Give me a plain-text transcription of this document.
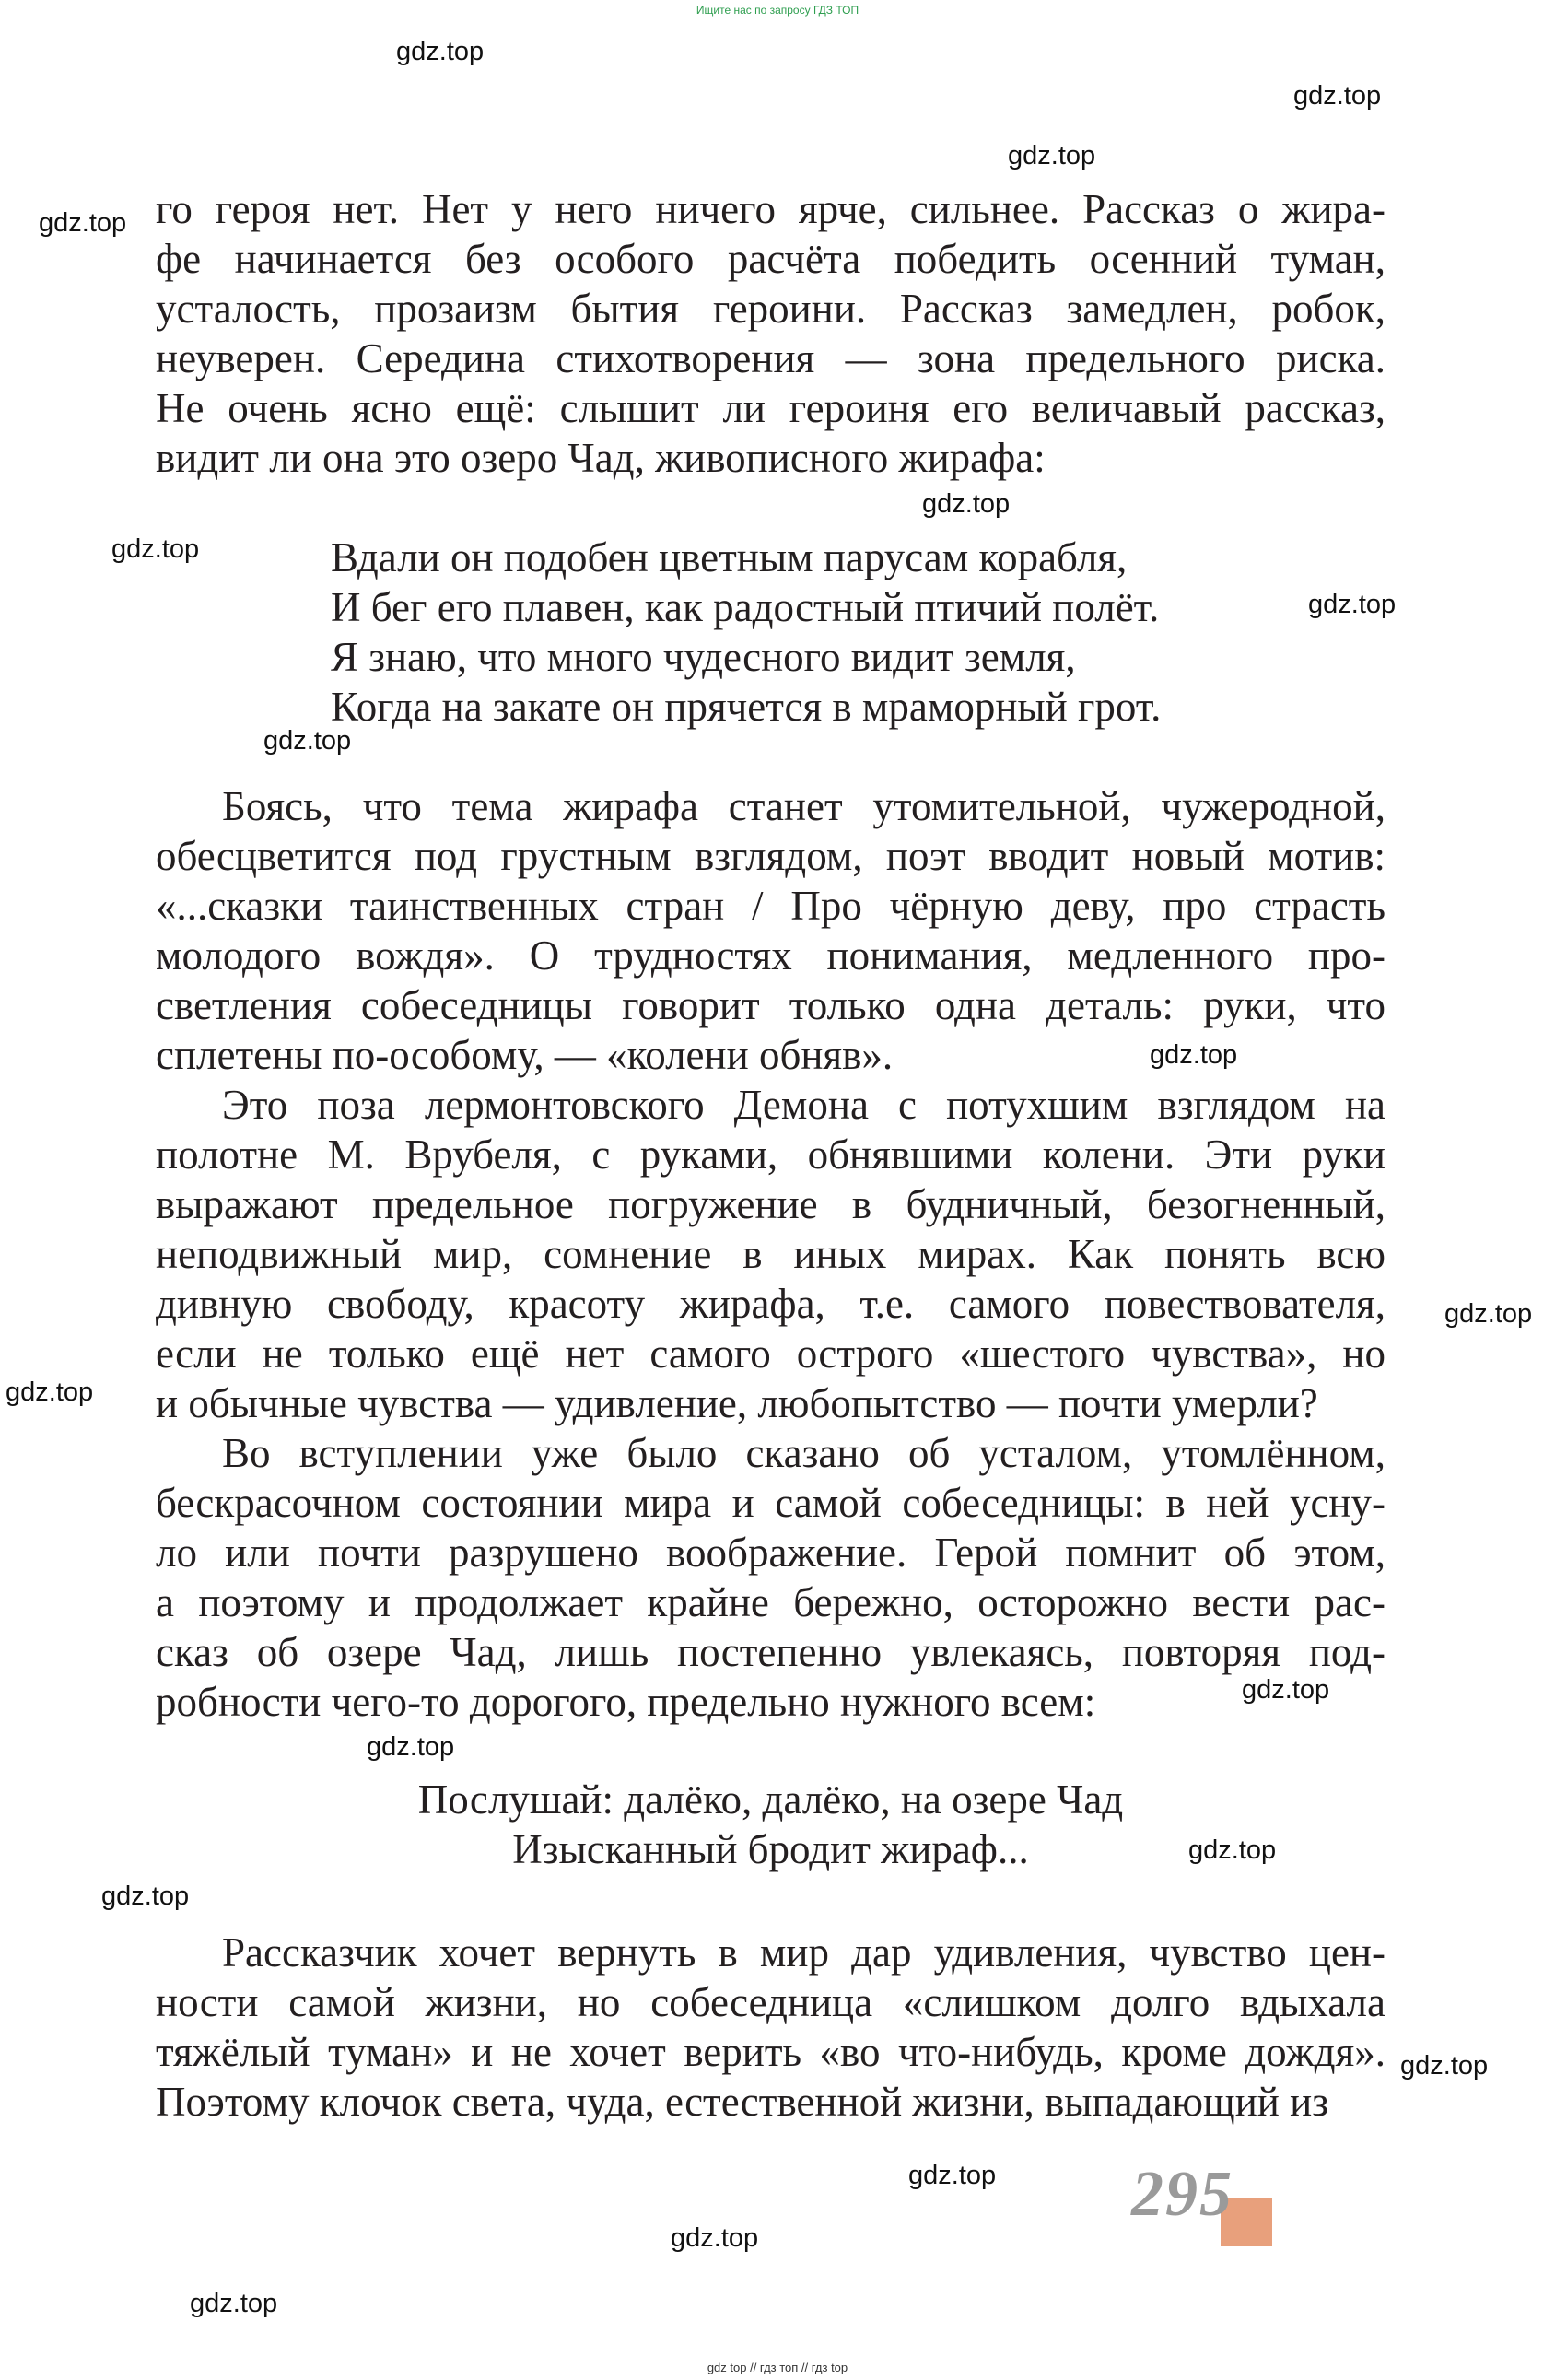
Ищите нас по запросу ГДЗ ТОП
го героя нет. Нет у него ничего ярче, сильнее. Рассказ о жира-
фе начинается без особого расчёта победить осенний туман,
усталость, прозаизм бытия героини. Рассказ замедлен, робок,
неуверен. Середина стихотворения — зона предельного риска.
Не очень ясно ещё: слышит ли героиня его величавый рассказ,
видит ли она это озеро Чад, живописного жирафа:
Вдали он подобен цветным парусам корабля,
И бег его плавен, как радостный птичий полёт.
Я знаю, что много чудесного видит земля,
Когда на закате он прячется в мраморный грот.
Боясь, что тема жирафа станет утомительной, чужеродной,
обесцветится под грустным взглядом, поэт вводит новый мотив:
«...сказки таинственных стран / Про чёрную деву, про страсть
молодого вождя». О трудностях понимания, медленного про-
светления собеседницы говорит только одна деталь: руки, что
сплетены по-особому, — «колени обняв».
Это поза лермонтовского Демона с потухшим взглядом на
полотне М. Врубеля, с руками, обнявшими колени. Эти руки
выражают предельное погружение в будничный, безогненный,
неподвижный мир, сомнение в иных мирах. Как понять всю
дивную свободу, красоту жирафа, т.е. самого повествователя,
если не только ещё нет самого острого «шестого чувства», но
и обычные чувства — удивление, любопытство — почти умерли?
Во вступлении уже было сказано об усталом, утомлённом,
бескрасочном состоянии мира и самой собеседницы: в ней усну-
ло или почти разрушено воображение. Герой помнит об этом,
а поэтому и продолжает крайне бережно, осторожно вести рас-
сказ об озере Чад, лишь постепенно увлекаясь, повторяя под-
робности чего-то дорогого, предельно нужного всем:
Послушай: далёко, далёко, на озере Чад
Изысканный бродит жираф...
Рассказчик хочет вернуть в мир дар удивления, чувство цен-
ности самой жизни, но собеседница «слишком долго вдыхала
тяжёлый туман» и не хочет верить «во что-нибудь, кроме дождя».
Поэтому клочок света, чуда, естественной жизни, выпадающий из
gdz.top
gdz.top
gdz.top
gdz.top
gdz.top
gdz.top
gdz.top
gdz.top
gdz.top
gdz.top
gdz.top
gdz.top
gdz.top
gdz.top
gdz.top
gdz.top
gdz.top
gdz.top
gdz.top
295
gdz top // гдз топ // гдз top
